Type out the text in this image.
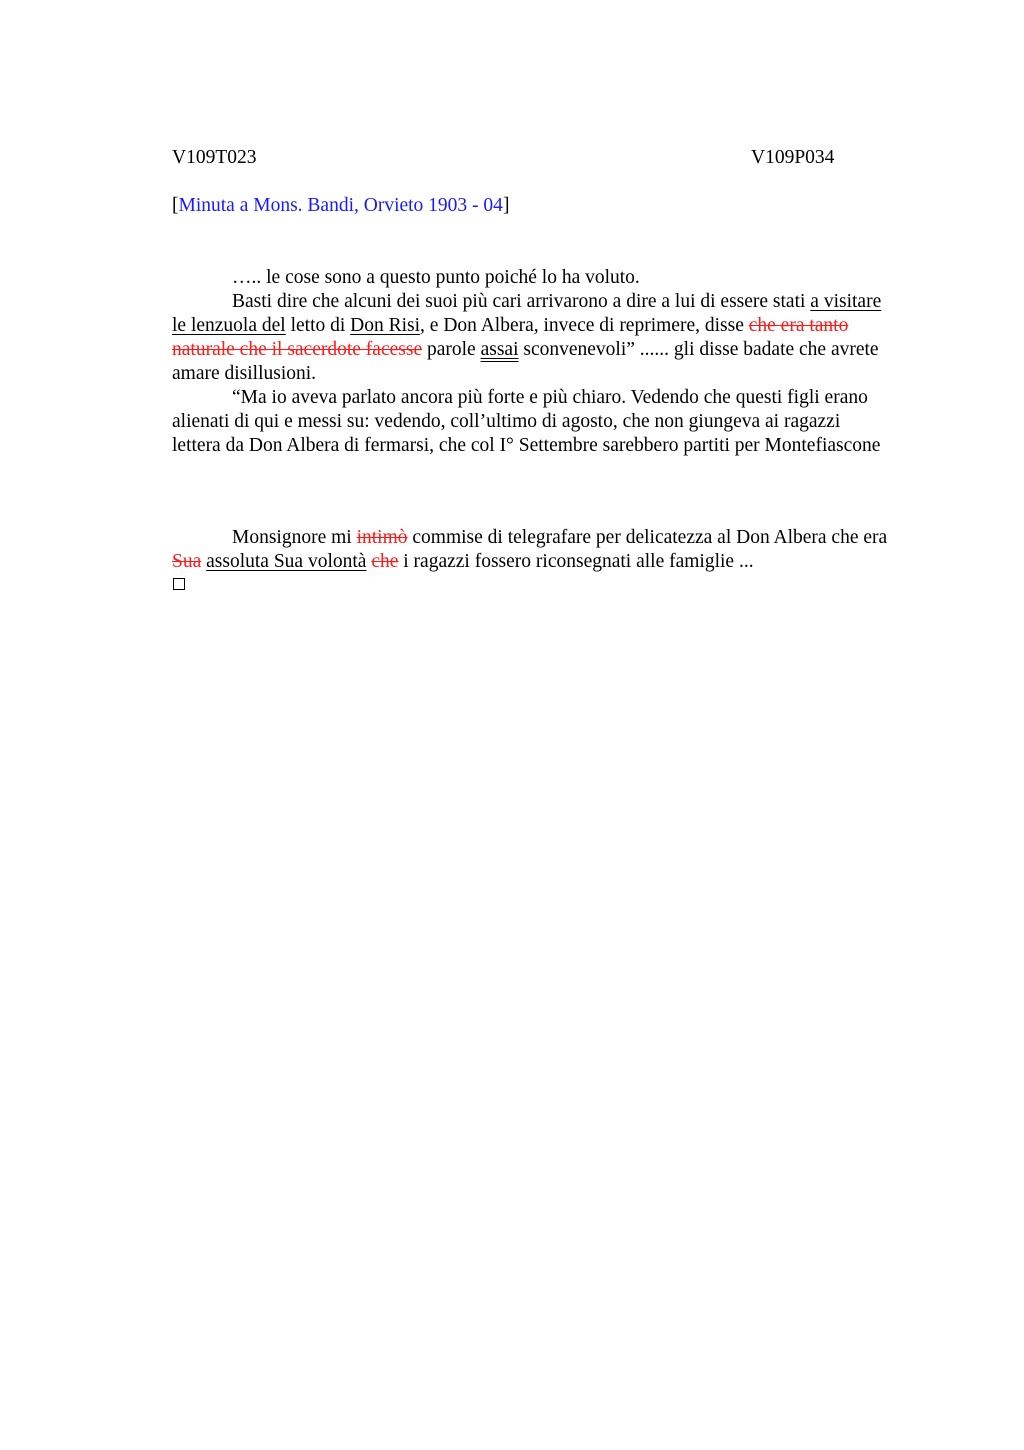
V109T023	V109P034
[Minuta a Mons. Bandi, Orvieto 1903 - 04]
….. le cose sono a questo punto poiché lo ha voluto.
Basti dire che alcuni dei suoi più cari arrivarono a dire a lui di essere stati a visitare
le lenzuola del letto di Don Risi, e Don Albera, invece di reprimere, disse che era tanto
naturale che il sacerdote facesse parole assai sconvenevoli” ...... gli disse badate che avrete
amare disillusioni.
“Ma io aveva parlato ancora più forte e più chiaro. Vedendo che questi figli erano
alienati di qui e messi su: vedendo, coll’ultimo di agosto, che non giungeva ai ragazzi
lettera da Don Albera di fermarsi, che col I° Settembre sarebbero partiti per Montefiascone
Monsignore mi intimò commise di telegrafare per delicatezza al Don Albera che era
Sua assoluta Sua volontà che i ragazzi fossero riconsegnati alle famiglie ...
